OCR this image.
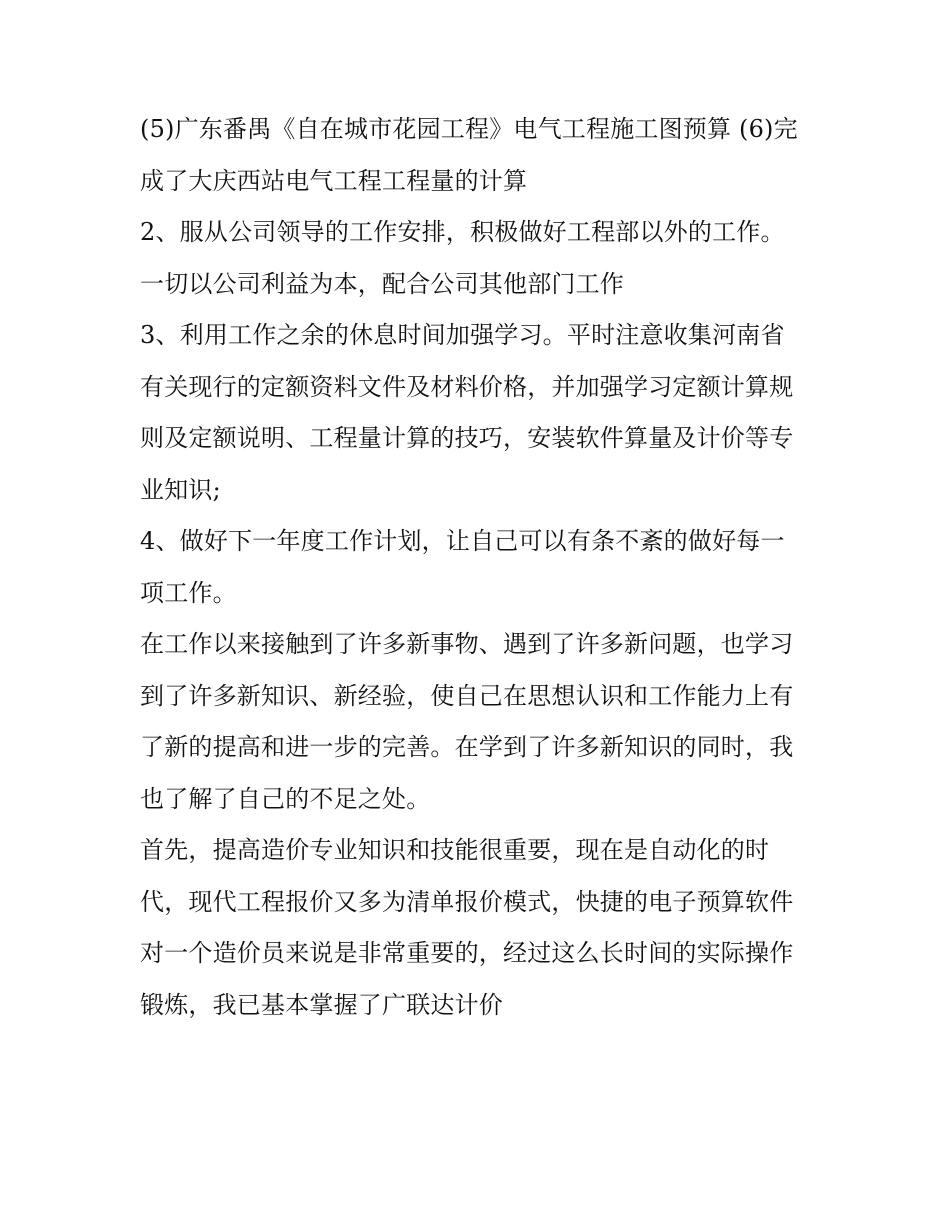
(5)广东番禺《自在城市花园工程》电气工程施工图预算 (6)完
成了大庆西站电气工程工程量的计算
2、服从公司领导的工作安排，积极做好工程部以外的工作。
一切以公司利益为本，配合公司其他部门工作
3、利用工作之余的休息时间加强学习。平时注意收集河南省
有关现行的定额资料文件及材料价格，并加强学习定额计算规
则及定额说明、工程量计算的技巧，安装软件算量及计价等专
业知识;
4、做好下一年度工作计划，让自己可以有条不紊的做好每一
项工作。
在工作以来接触到了许多新事物、遇到了许多新问题，也学习
到了许多新知识、新经验，使自己在思想认识和工作能力上有
了新的提高和进一步的完善。在学到了许多新知识的同时，我
也了解了自己的不足之处。
首先，提高造价专业知识和技能很重要，现在是自动化的时
代，现代工程报价又多为清单报价模式，快捷的电子预算软件
对一个造价员来说是非常重要的，经过这么长时间的实际操作
锻炼，我已基本掌握了广联达计价
